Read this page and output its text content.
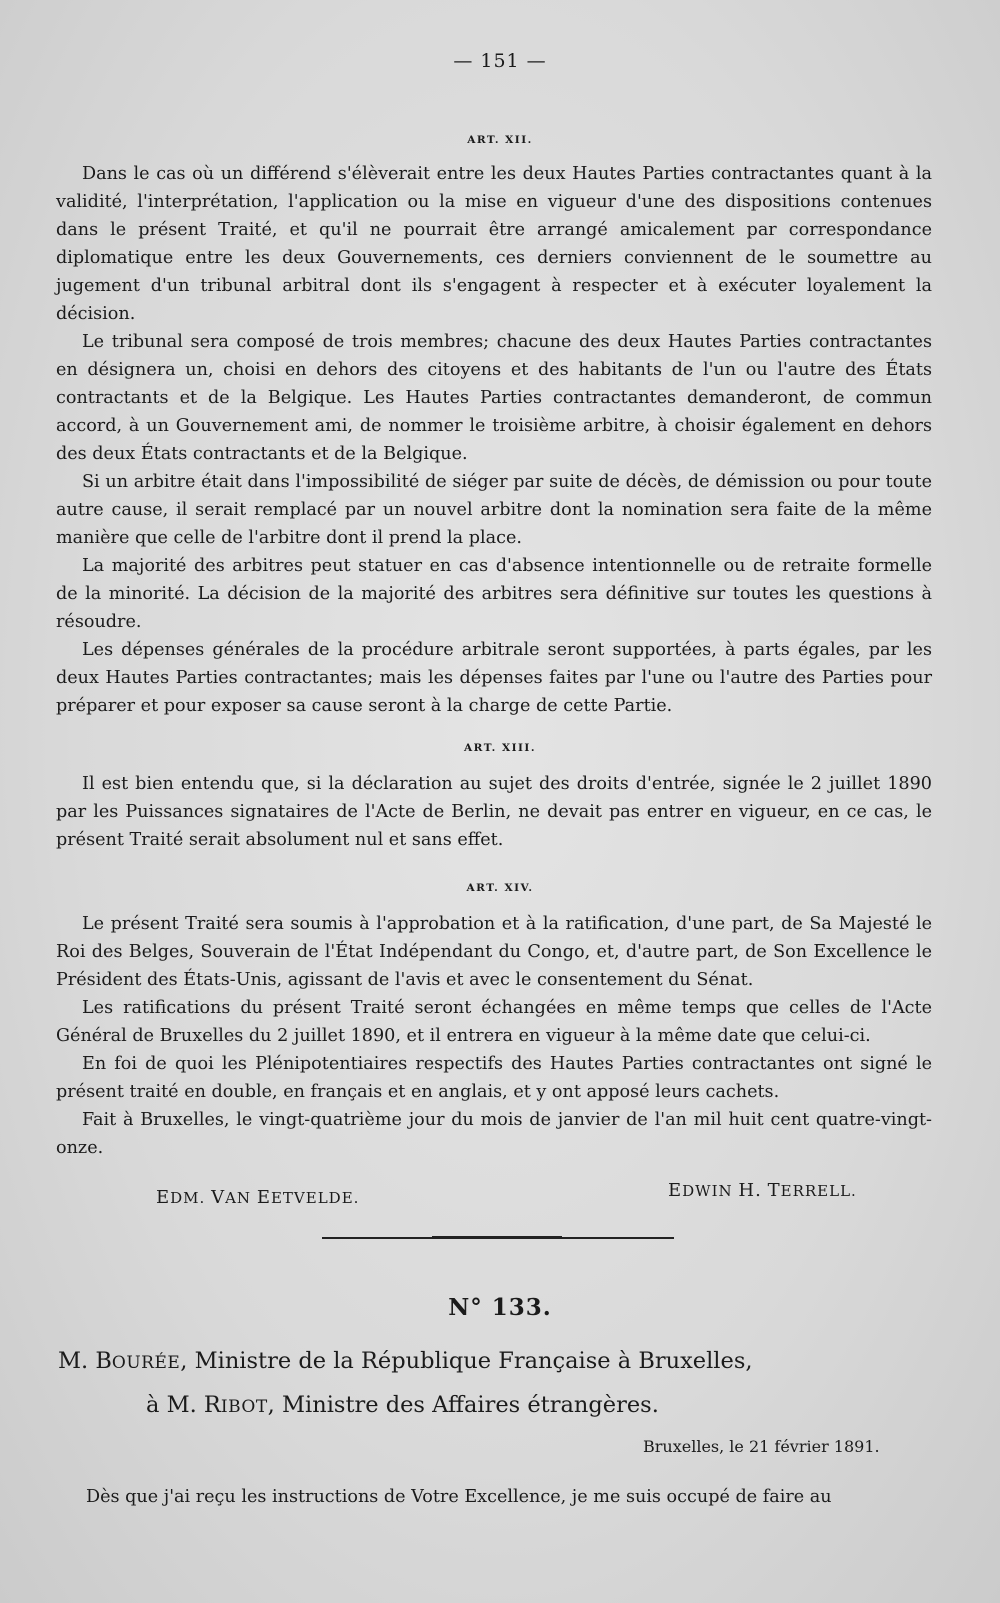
— 151 —
ART. XII.

Dans le cas où un différend s'élèverait entre les deux Hautes Parties contractantes quant à la validité, l'interprétation, l'application ou la mise en vigueur d'une des dispositions contenues dans le présent Traité, et qu'il ne pourrait être arrangé amicalement par correspondance diplomatique entre les deux Gouvernements, ces derniers conviennent de le soumettre au jugement d'un tribunal arbitral dont ils s'engagent à respecter et à exécuter loyalement la décision.

Le tribunal sera composé de trois membres; chacune des deux Hautes Parties contractantes en désignera un, choisi en dehors des citoyens et des habitants de l'un ou l'autre des États contractants et de la Belgique. Les Hautes Parties contractantes demanderont, de commun accord, à un Gouvernement ami, de nommer le troisième arbitre, à choisir également en dehors des deux États contractants et de la Belgique.

Si un arbitre était dans l'impossibilité de siéger par suite de décès, de démission ou pour toute autre cause, il serait remplacé par un nouvel arbitre dont la nomination sera faite de la même manière que celle de l'arbitre dont il prend la place.

La majorité des arbitres peut statuer en cas d'absence intentionnelle ou de retraite formelle de la minorité. La décision de la majorité des arbitres sera définitive sur toutes les questions à résoudre.

Les dépenses générales de la procédure arbitrale seront supportées, à parts égales, par les deux Hautes Parties contractantes; mais les dépenses faites par l'une ou l'autre des Parties pour préparer et pour exposer sa cause seront à la charge de cette Partie.

ART. XIII.

Il est bien entendu que, si la déclaration au sujet des droits d'entrée, signée le 2 juillet 1890 par les Puissances signataires de l'Acte de Berlin, ne devait pas entrer en vigueur, en ce cas, le présent Traité serait absolument nul et sans effet.

ART. XIV.

Le présent Traité sera soumis à l'approbation et à la ratification, d'une part, de Sa Majesté le Roi des Belges, Souverain de l'État Indépendant du Congo, et, d'autre part, de Son Excellence le Président des États-Unis, agissant de l'avis et avec le consentement du Sénat.

Les ratifications du présent Traité seront échangées en même temps que celles de l'Acte Général de Bruxelles du 2 juillet 1890, et il entrera en vigueur à la même date que celui-ci.

En foi de quoi les Plénipotentiaires respectifs des Hautes Parties contractantes ont signé le présent traité en double, en français et en anglais, et y ont apposé leurs cachets.

Fait à Bruxelles, le vingt-quatrième jour du mois de janvier de l'an mil huit cent quatre-vingt-onze.

EDM. VAN EETVELDE.	EDWIN H. TERRELL.
N° 133.
M. BOURÉE, Ministre de la République Française à Bruxelles,
à M. RIBOT, Ministre des Affaires étrangères.
Bruxelles, le 21 février 1891.
Dès que j'ai reçu les instructions de Votre Excellence, je me suis occupé de faire au
